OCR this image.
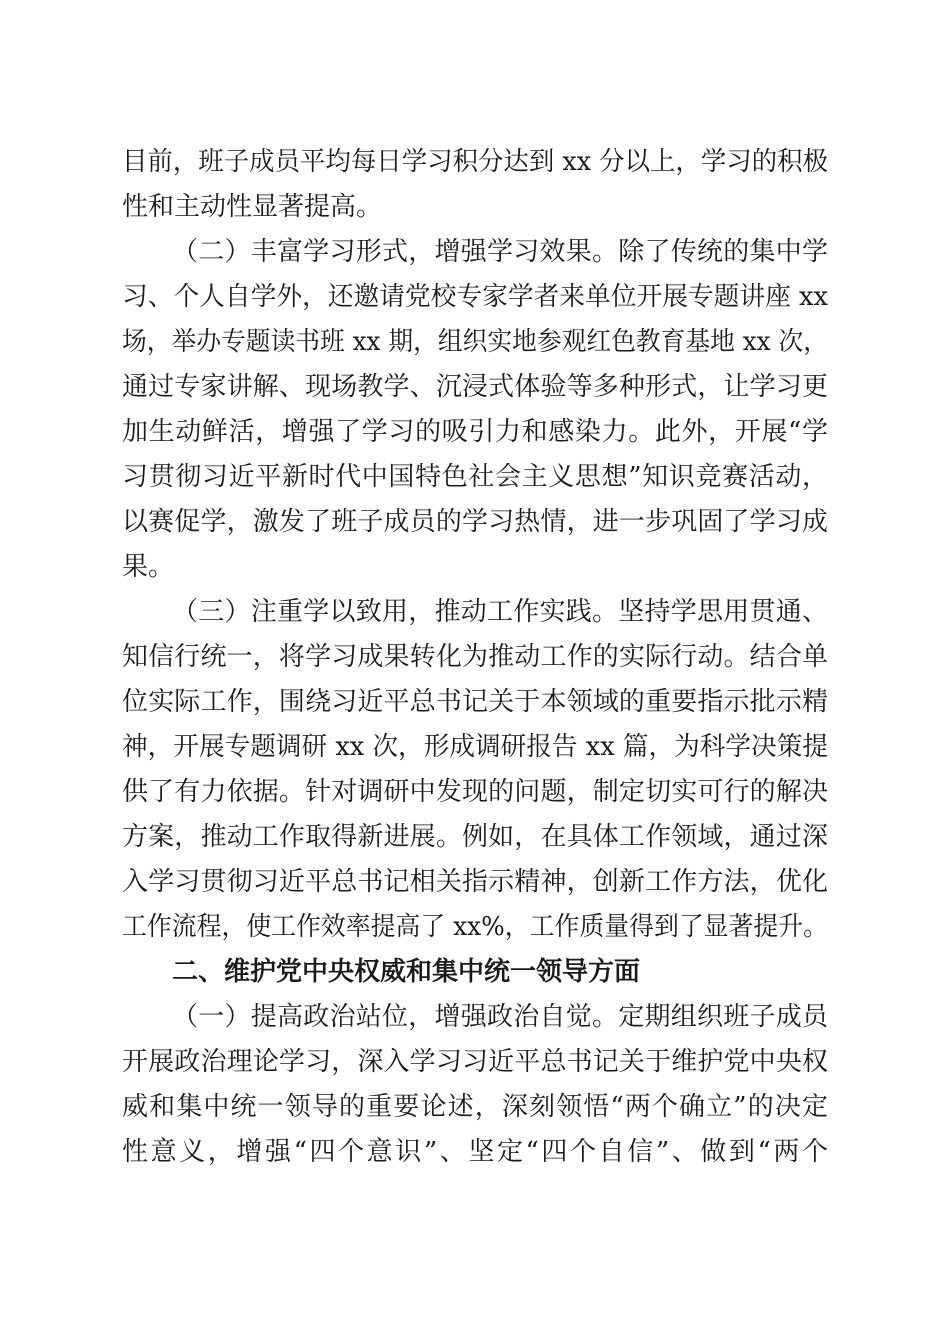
目前，班子成员平均每日学习积分达到 xx 分以上，学习的积极
性和主动性显著提高。
（二）丰富学习形式，增强学习效果。除了传统的集中学
习、个人自学外，还邀请党校专家学者来单位开展专题讲座 xx
场，举办专题读书班 xx 期，组织实地参观红色教育基地 xx 次，
通过专家讲解、现场教学、沉浸式体验等多种形式，让学习更
加生动鲜活，增强了学习的吸引力和感染力。此外，开展“学
习贯彻习近平新时代中国特色社会主义思想”知识竞赛活动，
以赛促学，激发了班子成员的学习热情，进一步巩固了学习成
果。
（三）注重学以致用，推动工作实践。坚持学思用贯通、
知信行统一，将学习成果转化为推动工作的实际行动。结合单
位实际工作，围绕习近平总书记关于本领域的重要指示批示精
神，开展专题调研 xx 次，形成调研报告 xx 篇，为科学决策提
供了有力依据。针对调研中发现的问题，制定切实可行的解决
方案，推动工作取得新进展。例如，在具体工作领域，通过深
入学习贯彻习近平总书记相关指示精神，创新工作方法，优化
工作流程，使工作效率提高了 xx%，工作质量得到了显著提升。
二、维护党中央权威和集中统一领导方面
（一）提高政治站位，增强政治自觉。定期组织班子成员
开展政治理论学习，深入学习习近平总书记关于维护党中央权
威和集中统一领导的重要论述，深刻领悟“两个确立”的决定
性意义，增强“四个意识”、坚定“四个自信”、做到“两个
